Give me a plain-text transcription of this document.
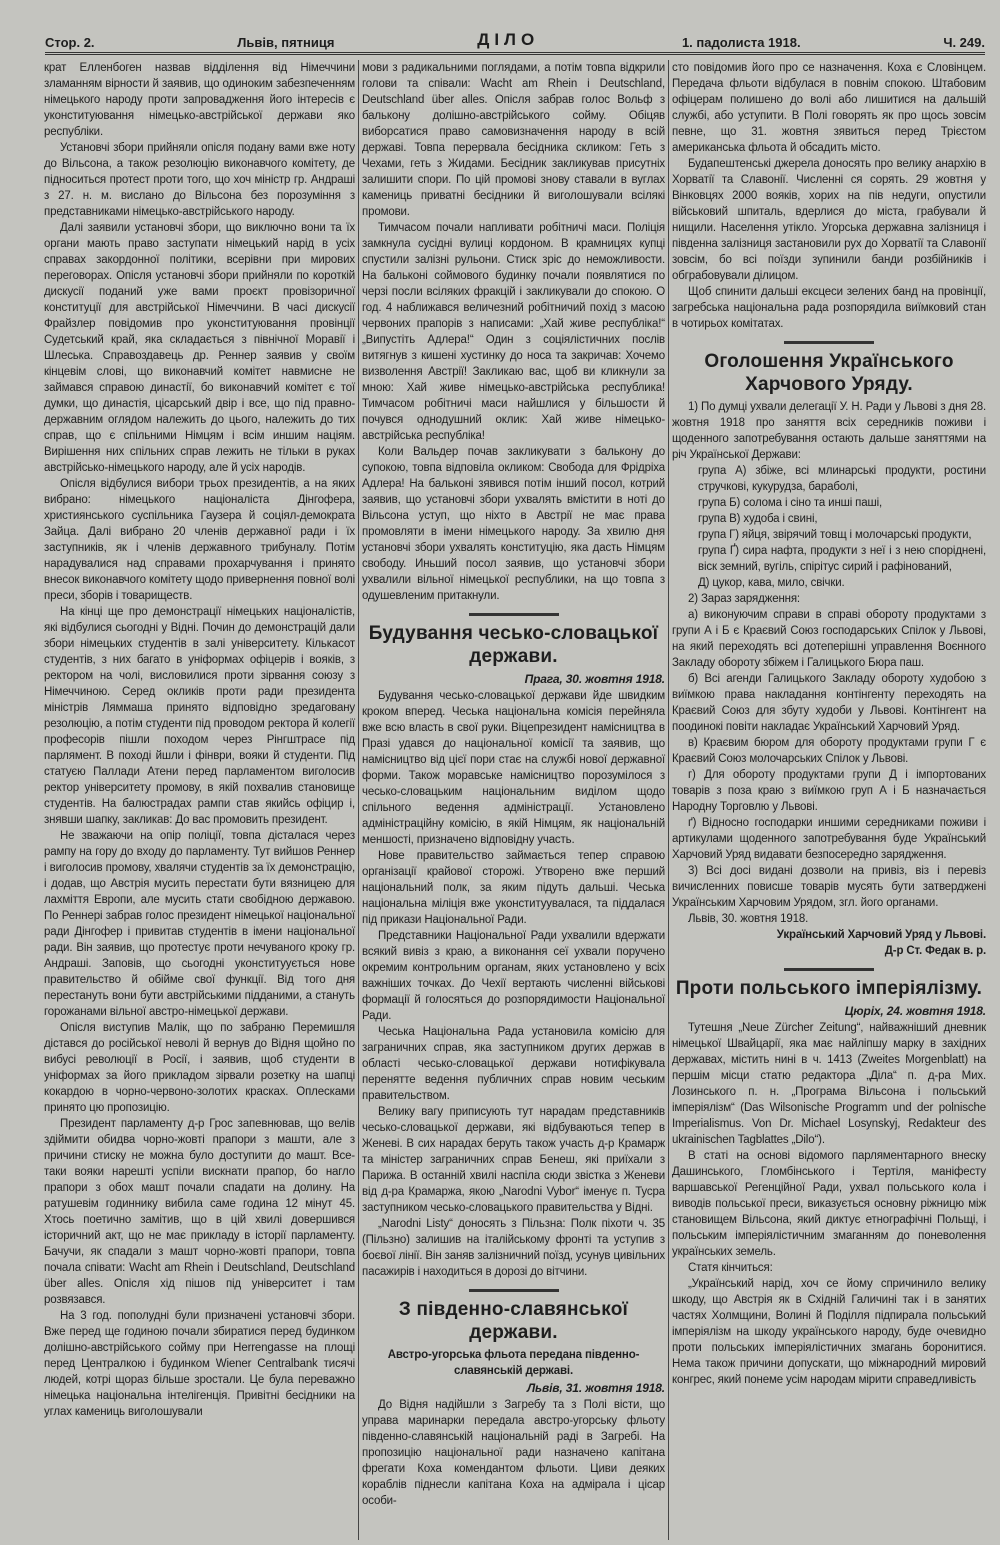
Стор. 2.	Львів, пятниця	ДІЛО	1. падолиста 1918.	Ч. 249.

крат Елленбоген назвав відділення від Німеччини зламанням вірности й заявив, що одиноким забезпеченням німецького народу проти запровадження його інтересів є уконституювання німецько-австрійської держави яко республіки.

Установчі збори прийняли опісля подану вами вже ноту до Вільсона, а також резолюцію виконавчого комітету, де підноситься протест проти того, що хоч міністр гр. Андраші з 27. н. м. вислано до Вільсона без порозуміння з представниками німецько-австрійського народу.

Далі заявили установчі збори, що виключно вони та їх органи мають право заступати німецький нарід в усіх справах закордонної політики, всерівни при мирових переговорах. Опісля установчі збори прийняли по короткій дискусії поданий уже вами проєкт провізоричної конституції для австрійської Німеччини. В часі дискусії Фрайзлер повідомив про уконституювання провінції Судетський край, яка складається з північної Моравії і Шлеська. Справоздавець др. Реннер заявив у своїм кінцевім слові, що виконавчий комітет навмисне не займався справою династії, бо виконавчий комітет є тої думки, що династія, цісарський двір і все, що під правно-державним оглядом належить до цього, належить до тих справ, що є спільними Німцям і всім иншим націям. Вирішення них спільних справ лежить не тільки в руках австрійсько-німецького народу, але й усіх народів.

Опісля відбулися вибори трьох президентів, а на яких вибрано: німецького націоналіста Дінгофера, християнського суспільника Гаузера й соціял-демократа Зайца. Далі вибрано 20 членів державної ради і їх заступників, як і членів державного трибуналу. Потім нарадувалися над справами прохарчування і принято внесок виконавчого комітету щодо привернення повної волі преси, зборів і товариществ.

На кінці ще про демонстрації німецьких націоналістів, які відбулися сьогодні у Відні. Почин до демонстрацій дали збори німецьких студентів в залі університету. Кількасот студентів, з них багато в уніформах офіцерів і вояків, з ректором на чолі, висловилися проти зірвання союзу з Німеччиною. Серед окликів проти ради президента міністрів Ляммаша принято відповідно зредаговану резолюцію, а потім студенти під проводом ректора й колегії професорів пішли походом через Рінгштрасе під парлямент. В поході йшли і фінври, вояки й студенти. Під статуєю Паллади Атени перед парламентом виголосив ректор університету промову, в якій похвалив становище студентів. На балюстрадах рампи став якийсь офіцир і, знявши шапку, закликав: До вас промовить президент.

Не зважаючи на опір поліції, товпа дісталася через рампу на гору до входу до парламенту. Тут вийшов Реннер і виголосив промову, хвалячи студентів за їх демонстрацію, і додав, що Австрія мусить перестати бути вязницею для лахміття Европи, але мусить стати свобідною державою. По Реннері забрав голос президент німецької національної ради Дінгофер і привитав студентів в імени національної ради. Він заявив, що протестує проти нечуваного кроку гр. Андраші. Заповів, що сьогодні уконституується нове правительство й обійме свої функції. Від того дня перестануть вони бути австрійськими підданими, а стануть горожанами вільної австро-німецької держави.

Опісля виступив Малік, що по забраню Перемишля дістався до російської неволі й вернув до Відня щойно по вибусі революції в Росії, і заявив, щоб студенти в уніформах за його прикладом зірвали розетку на шапці кокардою в чорно-червоно-золотих красках. Оплесками принято цю пропозицію.

Президент парламенту д-р Грос запевнював, що велів здіймити обидва чорно-жовті прапори з машти, але з причини стиску не можна було доступити до машт. Все-таки вояки нарешті успіли вискнати прапор, бо нагло прапори з обох машт почали спадати на долину. На ратушевім годиннику вибила саме година 12 мінут 45. Хтось поетично замітив, що в цій хвилі довершився історичний акт, що не має прикладу в історії парламенту. Бачучи, як спадали з машт чорно-жовті прапори, товпа почала співати: Wacht am Rhein і Deutschland, Deutschland über alles. Опісля хід пішов під університет і там розвязався.

На 3 год. пополудні були призначені установчі збори. Вже перед ще годиною почали збиратися перед будинком долішно-австрійського сойму при Herrengasse на площі перед Централкою і будинком Wiener Centralbank тисячі людей, котрі щораз більше зростали. Це була переважно німецька національна інтелігенція. Привітні бесідники на углах камениць виголошували

мови з радикальними поглядами, а потім товпа відкрили голови та співали: Wacht am Rhein і Deutschland, Deutschland über alles. Опісля забрав голос Вольф з балькону долішно-австрійського сойму. Обіцяв виборсатися право самовизначення народу в всій державі. Товпа перервала бесідника скликом: Геть з Чехами, геть з Жидами. Бесідник закликував присутніх залишити спори. По цій промові знову ставали в вуглах камениць приватні бесідники й виголошували всілякі промови.

Тимчасом почали напливати робітничі маси. Поліція замкнула сусідні вулиці кордоном. В крамницях купці спустили залізні рульони. Стиск зріс до неможливости. На бальконі соймового будинку почали появлятися по черзі посли всіляких фракцій і закликували до спокою. О год. 4 наближався величезний робітничий похід з масою червоних прапорів з написами: „Хай живе республіка!“ „Випустіть Адлера!“ Один з соціялістичних послів витягнув з кишені хустинку до носа та закричав: Хочемо визволення Австрії! Закликаю вас, щоб ви кликнули за мною: Хай живе німецько-австрійська республика! Тимчасом робітничі маси найшлися у більшости й почувся однодушний оклик: Хай живе німецько-австрійська республіка!

Коли Вальдер почав закликувати з балькону до супокою, товпа відповіла окликом: Свобода для Фрідріха Адлера! На бальконі зявився потім інший посол, котрий заявив, що установчі збори ухвалять вмістити в ноті до Вільсона уступ, що ніхто в Австрії не має права промовляти в імени німецького народу. За хвилю дня установчі збори ухвалять конституцію, яка дасть Німцям свободу. Иньший посол заявив, що установчі збори ухвалили вільної німецької республики, на що товпа з одушевленим притакнули.

Будування чесько-словацької держави.
Прага, 30. жовтня 1918.

Будування чесько-словацької держави йде швидким кроком вперед. Чеська національна комісія перейняла вже всю власть в свої руки. Віцепрезидент намісництва в Празі удався до національної комісії та заявив, що намісництво від цієї пори стає на службі нової державної форми. Також моравське намісництво порозумілося з чесько-словацьким національним виділом щодо спільного ведення адміністрації. Установлено адміністраційну комісію, в якій Німцям, як національній меншості, призначено відповідну участь.

Нове правительство займається тепер справою організації крайової сторожі. Утворено вже перший національний полк, за яким підуть дальші. Чеська національна міліція вже уконституувалася, та піддалася під прикази Національної Ради.

Представники Національної Ради ухвалили вдержати всякий вивіз з краю, а виконання сеї ухвали поручено окремим контрольним органам, яких установлено у всіх важніших точках. До Чехії вертають численні військові формації й голосяться до розпорядимости Національної Ради.

Чеська Національна Рада установила комісію для заграничних справ, яка заступником других держав в області чесько-словацької держави нотифікувала перенятте ведення публичних справ новим чеським правительством.

Велику вагу приписують тут нарадам представників чесько-словацької держави, які відбуваються тепер в Женеві. В сих нарадах беруть також участь д-р Крамарж та міністер заграничних справ Бенеш, які приїхали з Парижа. В останній хвилі наспіла сюди звістка з Женеви від д-ра Крамаржа, якою „Narodni Vybor“ іменує п. Тусра заступником чесько-словацького правительства у Відні.

„Narodni Listy“ доносять з Пільзна: Полк піхоти ч. 35 (Пільзно) залишив на італійському фронті та уступив з боєвої лінії. Він заняв залізничний поїзд, усунув цивільних пасажирів і находиться в дорозі до вітчини.

З південно-славянської держави.
Австро-угорська фльота передана південно-славянській державі.
Львів, 31. жовтня 1918.

До Відня надійшли з Загребу та з Полі вісти, що управа маринарки передала австро-угорську фльоту південно-славянській національній раді в Загребі. На пропозицію національної ради назначено капітана фрегати Коха комендантом фльоти. Циви деяких кораблів піднесли капітана Коха на адмірала і цісар особи-

сто повідомив його про се назначення. Коха є Словінцем. Передача фльоти відбулася в повнім спокою. Штабовим офіцерам полишено до волі або лишитися на дальшій службі, або уступити. В Полі говорять як про щось зовсім певне, що 31. жовтня зявиться перед Трієстом американська фльота й обсадить місто.

Будапештенські джерела доносять про велику анархію в Хорватії та Славонії. Численні ся сорять. 29 жовтня у Вінковцях 2000 вояків, хорих на пів недуги, опустили військовий шпиталь, вдерлися до міста, грабували й нищили. Населення утікло. Угорська державна залізниця і південна залізниця застановили рух до Хорватії та Славонії зовсім, бо всі поїзди зупинили банди розбійників і обграбовували ділицом.

Щоб спинити дальші ексцеси зелених банд на провінції, загребська національна рада розпорядила виїмковий стан в чотирьох комітатах.

Оголошення Українського Харчового Уряду.

1) По думці ухвали делегації У. Н. Ради у Львові з дня 28. жовтня 1918 про заняття всіх середників поживи і щоденного запотребування остають дальше заняттями на річ Української Держави:

група А) збіже, всі млинарські продукти, ростини стручкові, кукурудза, бараболі,

група Б) солома і сіно та инші паші,

група В) худоба і свині,

група Г) яйця, звірячий товщ і молочарські продукти,

група Ґ) сира нафта, продукти з неї і з нею споріднені, віск земний, вугіль, спірітус сирий і рафінований,

Д) цукор, кава, мило, свічки.

2) Зараз зарядження:

а) виконуючим справи в справі обороту продуктами з групи А і Б є Краєвий Союз господарських Спілок у Львові, на який переходять всі дотеперішні управлення Воєнного Закладу обороту збіжем і Галицького Бюра паш.

б) Всі агенди Галицького Закладу обороту худобою з виїмкою права накладання контінгенту переходять на Краєвий Союз для збуту худоби у Львові. Контінгент на поодинокі повіти накладає Український Харчовий Уряд.

в) Краєвим бюром для обороту продуктами групи Г є Краєвий Союз молочарських Спілок у Львові.

г) Для обороту продуктами групи Д і імпортованих товарів з поза краю з виїмкою груп А і Б назначається Народну Торговлю у Львові.

ґ) Відносно господарки иншими середниками поживи і артикулами щоденного запотребування буде Український Харчовий Уряд видавати безпосередно зарядження.

3) Всі досі видані дозволи на привіз, віз і перевіз вичисленних повисше товарів мусять бути затверджені Українським Харчовим Урядом, згл. його органами.

Львів, 30. жовтня 1918.

Український Харчовий Уряд у Львові.
Д-р Ст. Федак в. р.
Проти польського імперіялізму.
Цюріх, 24. жовтня 1918.

Тутешня „Neue Zürcher Zeitung“, найважніший дневник німецької Швайцарії, яка має найліпшу марку в західних державах, містить нині в ч. 1413 (Zweites Morgenblatt) на першім місци статю редактора „Діла“ п. д-ра Мих. Лозинського п. н. „Програма Вільсона і польський імперіялізм“ (Das Wilsonische Programm und der polnische Imperialismus. Von Dr. Michael Losynskyj, Redakteur des ukrainischen Tagblattes „Dilo“).

В статі на основі відомого парляментарного внеску Дашинського, Гломбінського і Тертіля, маніфесту варшавської Регенційної Ради, ухвал польського кола і виводів польської преси, виказується основну ріжницю між становищем Вільсона, який диктує етнографічні Польщі, і польським імперіялістичним змаганням до поневолення українських земель.

Статя кінчиться:

„Український нарід, хоч се йому спричинило велику шкоду, що Австрія як в Східній Галичині так і в занятих частях Холмщини, Волині й Поділля підпирала польський імперіялізм на шкоду українського народу, буде очевидно проти польських імперіялістичних змагань боронитися. Нема також причини допускати, що міжнародний мировий конгрес, який понеме усім народам мірити справедливість
